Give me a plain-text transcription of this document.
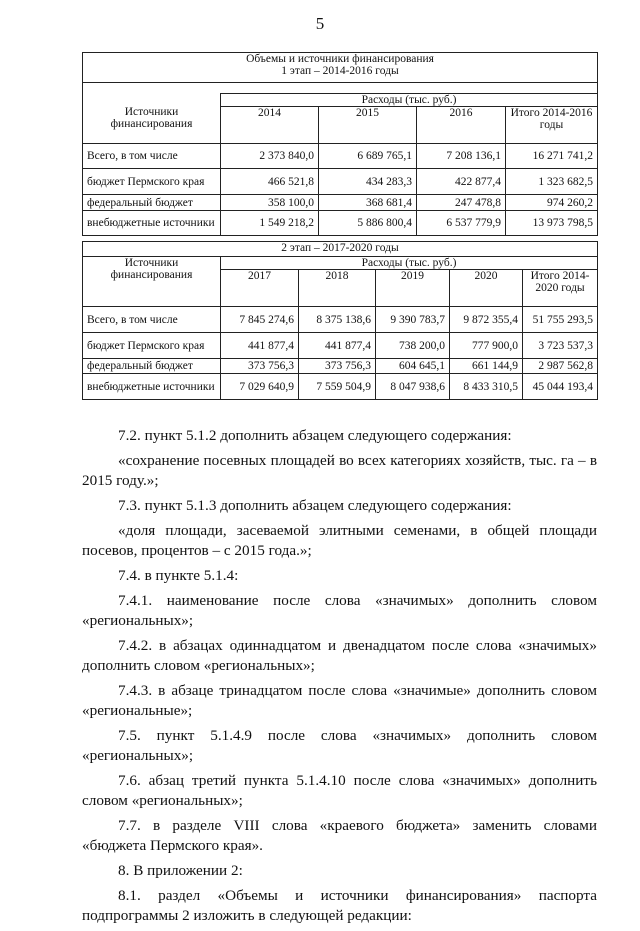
5
Объемы и источники финансирования
1 этап – 2014-2016 годы				

Источники финансирования	Расходы (тыс. руб.)			
	2014	2015	2016	Итого 2014-2016 годы
Всего, в том числе	2 373 840,0	6 689 765,1	7 208 136,1	16 271 741,2
бюджет Пермского края	466 521,8	434 283,3	422 877,4	1 323 682,5
федеральный бюджет	358 100,0	368 681,4	247 478,8	974 260,2
внебюджетные источники	1 549 218,2	5 886 800,4	6 537 779,9	13 973 798,5
2 этап – 2017-2020 годы					
Источники финансирования	Расходы (тыс. руб.)				
	2017	2018	2019	2020	Итого 2014-2020 годы
Всего, в том числе	7 845 274,6	8 375 138,6	9 390 783,7	9 872 355,4	51 755 293,5
бюджет Пермского края	441 877,4	441 877,4	738 200,0	777 900,0	3 723 537,3
федеральный бюджет	373 756,3	373 756,3	604 645,1	661 144,9	2 987 562,8
внебюджетные источники	7 029 640,9	7 559 504,9	8 047 938,6	8 433 310,5	45 044 193,4

7.2. пункт 5.1.2 дополнить абзацем следующего содержания:

«сохранение посевных площадей во всех категориях хозяйств, тыс. га – в 2015 году.»;

7.3. пункт 5.1.3 дополнить абзацем следующего содержания:

«доля площади, засеваемой элитными семенами, в общей площади посевов, процентов – с 2015 года.»;

7.4. в пункте 5.1.4:

7.4.1. наименование после слова «значимых» дополнить словом «региональных»;

7.4.2. в абзацах одиннадцатом и двенадцатом после слова «значимых» дополнить словом «региональных»;

7.4.3. в абзаце тринадцатом после слова «значимые» дополнить словом «региональные»;

7.5. пункт 5.1.4.9 после слова «значимых» дополнить словом «региональных»;

7.6. абзац третий пункта 5.1.4.10 после слова «значимых» дополнить словом «региональных»;

7.7. в разделе VIII слова «краевого бюджета» заменить словами «бюджета Пермского края».

8. В приложении 2:

8.1. раздел «Объемы и источники финансирования» паспорта подпрограммы 2 изложить в следующей редакции:
